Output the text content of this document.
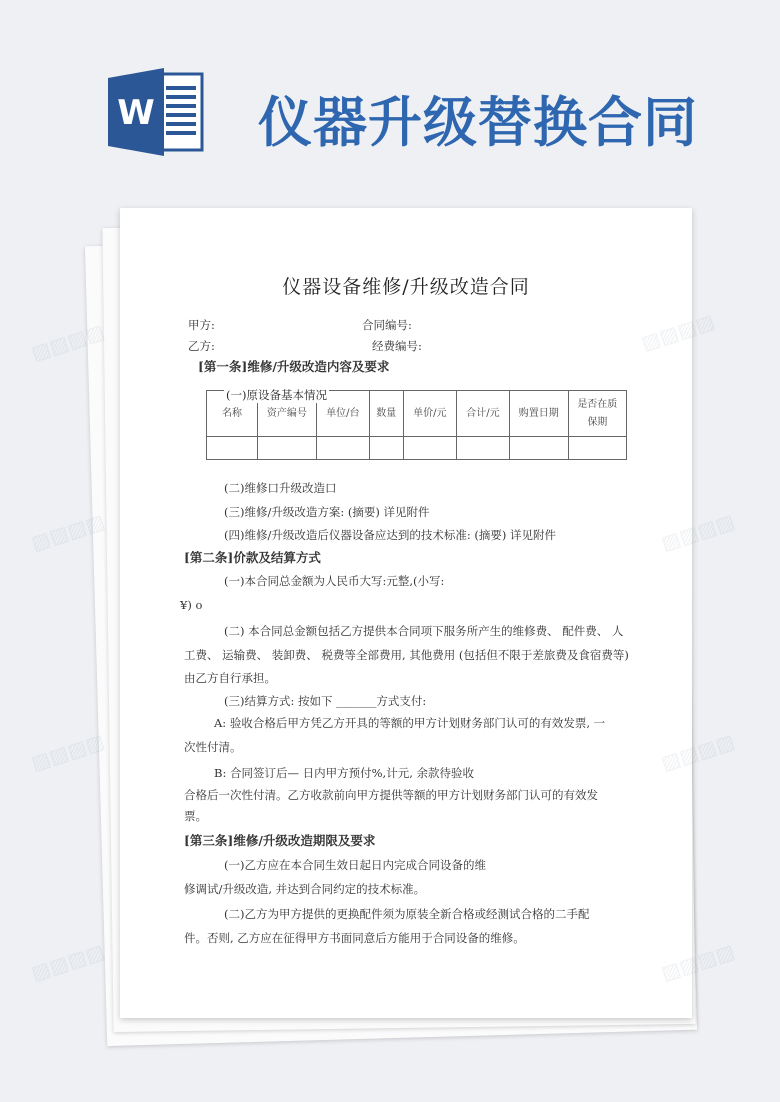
W 仪器升级替换合同
仪器设备维修/升级改造合同
甲方:	合同编号:
乙方:	经费编号:
[第一条]维修/升级改造内容及要求
名称	资产编号	单位/台	数量	单价/元	合计/元	购置日期	是否在质保期

(一)原设备基本情况
(二)维修口升级改造口
(三)维修/升级改造方案: (摘要) 详见附件
(四)维修/升级改造后仪器设备应达到的技术标准: (摘要) 详见附件
[第二条]价款及结算方式
(一)本合同总金额为人民币大写:元整,(小写:
¥) o
(二) 本合同总金额包括乙方提供本合同项下服务所产生的维修费、 配件费、 人
工费、 运输费、 装卸费、 税费等全部费用, 其他费用 (包括但不限于差旅费及食宿费等)
由乙方自行承担。
(三)结算方式: 按如下 _______方式支付:
A: 验收合格后甲方凭乙方开具的等额的甲方计划财务部门认可的有效发票, 一
次性付清。
B: 合同签订后— 日内甲方预付%,计元, 余款待验收
合格后一次性付清。乙方收款前向甲方提供等额的甲方计划财务部门认可的有效发
票。
[第三条]维修/升级改造期限及要求
(一)乙方应在本合同生效日起日内完成合同设备的维
修调试/升级改造, 并达到合同约定的技术标准。
(二)乙方为甲方提供的更换配件须为原装全新合格或经测试合格的二手配
件。否则, 乙方应在征得甲方书面同意后方能用于合同设备的维修。
▨▨▨▨
▨▨▨▨	▨▨▨▨
▨▨▨▨	▨▨▨▨
▨▨▨▨	▨▨▨▨
